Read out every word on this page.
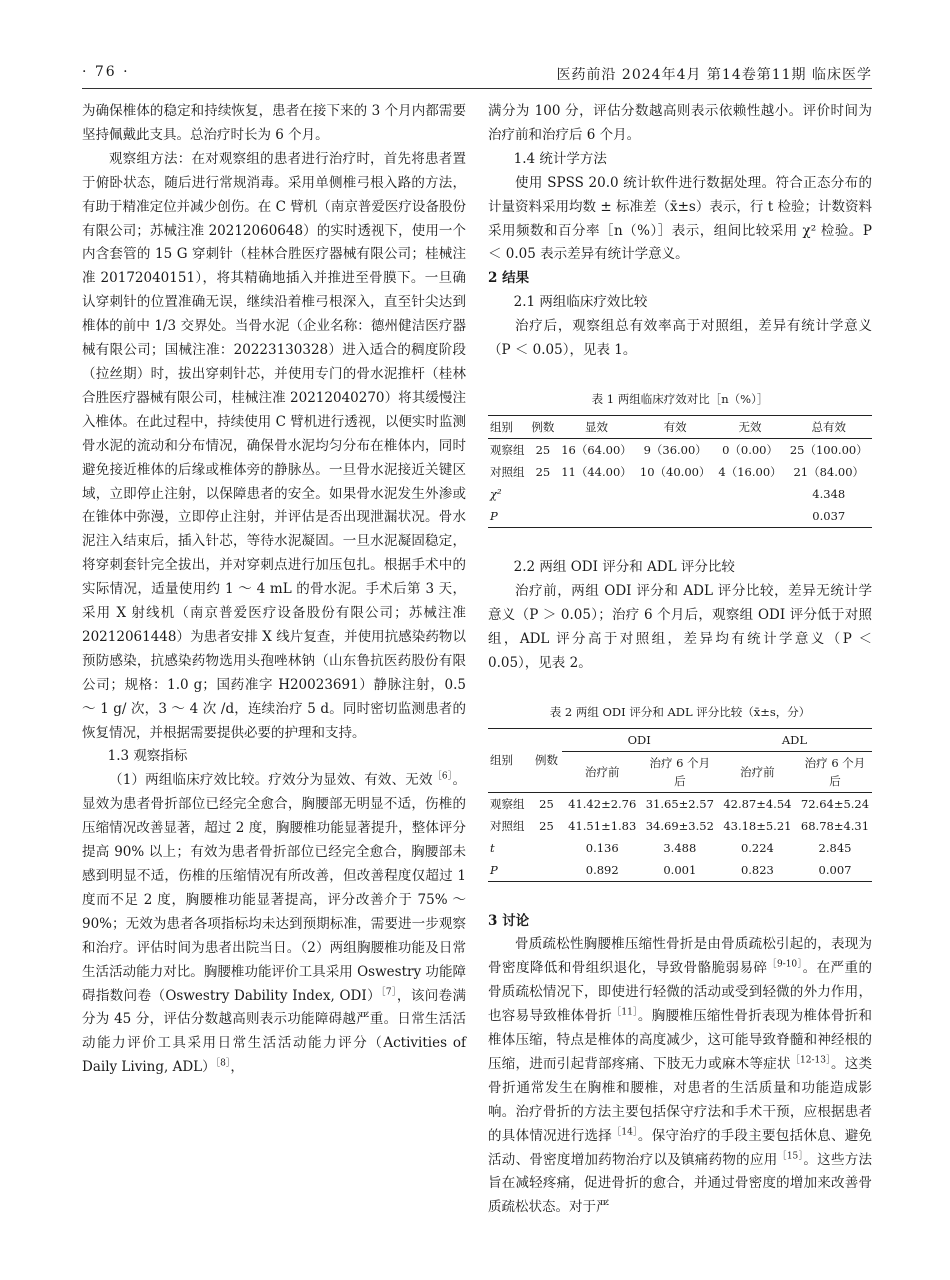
· 76 ·	医药前沿 2024年4月 第14卷第11期 临床医学

为确保椎体的稳定和持续恢复，患者在接下来的 3 个月内都需要坚持佩戴此支具。总治疗时长为 6 个月。

观察组方法：在对观察组的患者进行治疗时，首先将患者置于俯卧状态，随后进行常规消毒。采用单侧椎弓根入路的方法，有助于精准定位并减少创伤。在 C 臂机（南京普爱医疗设备股份有限公司；苏械注准 20212060648）的实时透视下，使用一个内含套管的 15 G 穿刺针（桂林合胜医疗器械有限公司；桂械注准 20172040151），将其精确地插入并推进至骨膜下。一旦确认穿刺针的位置准确无误，继续沿着椎弓根深入，直至针尖达到椎体的前中 1/3 交界处。当骨水泥（企业名称：德州健洁医疗器械有限公司；国械注准：20223130328）进入适合的稠度阶段（拉丝期）时，拔出穿刺针芯，并使用专门的骨水泥推杆（桂林合胜医疗器械有限公司，桂械注准 20212040270）将其缓慢注入椎体。在此过程中，持续使用 C 臂机进行透视，以便实时监测骨水泥的流动和分布情况，确保骨水泥均匀分布在椎体内，同时避免接近椎体的后缘或椎体旁的静脉丛。一旦骨水泥接近关键区域，立即停止注射，以保障患者的安全。如果骨水泥发生外渗或在锥体中弥漫，立即停止注射，并评估是否出现泄漏状况。骨水泥注入结束后，插入针芯，等待水泥凝固。一旦水泥凝固稳定，将穿刺套针完全拔出，并对穿刺点进行加压包扎。根据手术中的实际情况，适量使用约 1 ～ 4 mL 的骨水泥。手术后第 3 天，采用 X 射线机（南京普爱医疗设备股份有限公司；苏械注准 20212061448）为患者安排 X 线片复查，并使用抗感染药物以预防感染，抗感染药物选用头孢唑林钠（山东鲁抗医药股份有限公司；规格：1.0 g；国药准字 H20023691）静脉注射，0.5 ～ 1 g/ 次，3 ～ 4 次 /d，连续治疗 5 d。同时密切监测患者的恢复情况，并根据需要提供必要的护理和支持。

1.3 观察指标

（1）两组临床疗效比较。疗效分为显效、有效、无效$^{[6]}$。显效为患者骨折部位已经完全愈合，胸腰部无明显不适，伤椎的压缩情况改善显著，超过 2 度，胸腰椎功能显著提升，整体评分提高 90% 以上；有效为患者骨折部位已经完全愈合，胸腰部未感到明显不适，伤椎的压缩情况有所改善，但改善程度仅超过 1 度而不足 2 度，胸腰椎功能显著提高，评分改善介于 75% ～ 90%；无效为患者各项指标均未达到预期标准，需要进一步观察和治疗。评估时间为患者出院当日。（2）两组胸腰椎功能及日常生活活动能力对比。胸腰椎功能评价工具采用 Oswestry 功能障碍指数问卷（Oswestry Dability Index, ODI）$^{[7]}$，该问卷满分为 45 分，评估分数越高则表示功能障碍越严重。日常生活活动能力评价工具采用日常生活活动能力评分（Activities of Daily Living, ADL）$^{[8]}$，

满分为 100 分，评估分数越高则表示依赖性越小。评价时间为治疗前和治疗后 6 个月。

1.4 统计学方法

使用 SPSS 20.0 统计软件进行数据处理。符合正态分布的计量资料采用均数 ± 标准差（x̄±s）表示，行 t 检验；计数资料采用频数和百分率［n（%）］表示，组间比较采用 χ² 检验。P ＜ 0.05 表示差异有统计学意义。

2 结果

2.1 两组临床疗效比较

治疗后，观察组总有效率高于对照组，差异有统计学意义（P ＜ 0.05），见表 1。

表 1 两组临床疗效对比［n（%）］
组别	例数	显效	有效	无效	总有效
观察组	25	16（64.00）	9（36.00）	0（0.00）	25（100.00）
对照组	25	11（44.00）	10（40.00）	4（16.00）	21（84.00）
χ²					4.348
P					0.037

2.2 两组 ODI 评分和 ADL 评分比较

治疗前，两组 ODI 评分和 ADL 评分比较，差异无统计学意义（P ＞ 0.05）；治疗 6 个月后，观察组 ODI 评分低于对照组，ADL 评分高于对照组，差异均有统计学意义（P ＜ 0.05），见表 2。

表 2 两组 ODI 评分和 ADL 评分比较（x̄±s，分）
组别	例数	ODI		ADL	
		治疗前	治疗 6 个月后	治疗前	治疗 6 个月后
观察组	25	41.42±2.76	31.65±2.57	42.87±4.54	72.64±5.24
对照组	25	41.51±1.83	34.69±3.52	43.18±5.21	68.78±4.31
t		0.136	3.488	0.224	2.845
P		0.892	0.001	0.823	0.007

3 讨论

骨质疏松性胸腰椎压缩性骨折是由骨质疏松引起的，表现为骨密度降低和骨组织退化，导致骨骼脆弱易碎$^{[9-10]}$。在严重的骨质疏松情况下，即使进行轻微的活动或受到轻微的外力作用，也容易导致椎体骨折$^{[11]}$。胸腰椎压缩性骨折表现为椎体骨折和椎体压缩，特点是椎体的高度减少，这可能导致脊髓和神经根的压缩，进而引起背部疼痛、下肢无力或麻木等症状$^{[12-13]}$。这类骨折通常发生在胸椎和腰椎，对患者的生活质量和功能造成影响。治疗骨折的方法主要包括保守疗法和手术干预，应根据患者的具体情况进行选择$^{[14]}$。保守治疗的手段主要包括休息、避免活动、骨密度增加药物治疗以及镇痛药物的应用$^{[15]}$。这些方法旨在减轻疼痛，促进骨折的愈合，并通过骨密度的增加来改善骨质疏松状态。对于严
